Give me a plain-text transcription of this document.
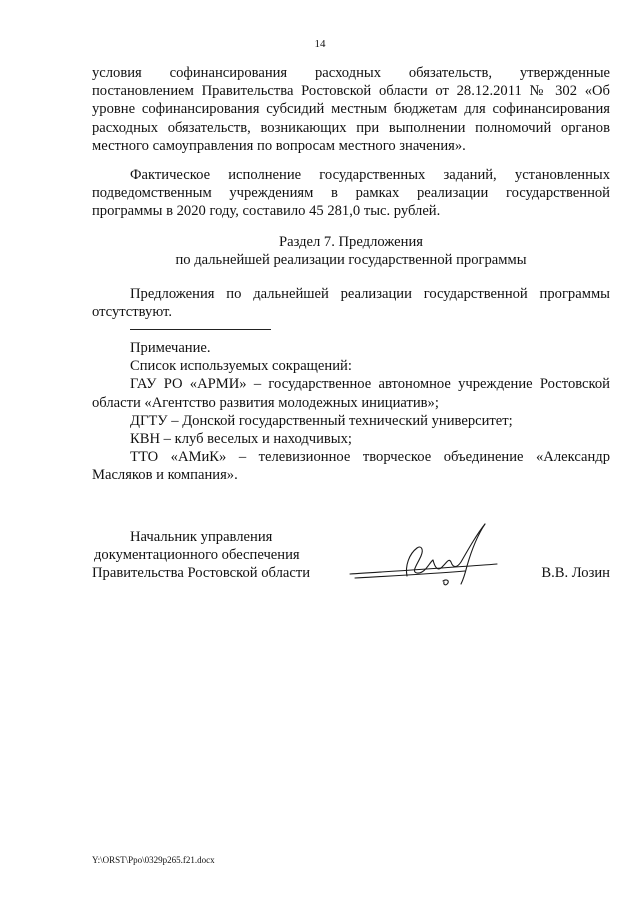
14

условия софинансирования расходных обязательств, утвержденные постановлением Правительства Ростовской области от 28.12.2011 № 302 «Об уровне софинансирования субсидий местным бюджетам для софинансирования расходных обязательств, возникающих при выполнении полномочий органов местного самоуправления по вопросам местного значения».

Фактическое исполнение государственных заданий, установленных подведомственным учреждениям в рамках реализации государственной программы в 2020 году, составило 45 281,0 тыс. рублей.

Раздел 7. Предложения
по дальнейшей реализации государственной программы

Предложения по дальнейшей реализации государственной программы отсутствуют.

Примечание.

Список используемых сокращений:

ГАУ РО «АРМИ» – государственное автономное учреждение Ростовской области «Агентство развития молодежных инициатив»;

ДГТУ – Донской государственный технический университет;

КВН – клуб веселых и находчивых;

ТТО «АМиК» – телевизионное творческое объединение «Александр Масляков и компания».

Начальник управления
документационного обеспечения
Правительства Ростовской области	В.В. Лозин
Y:\ORST\Ppo\0329p265.f21.docx
